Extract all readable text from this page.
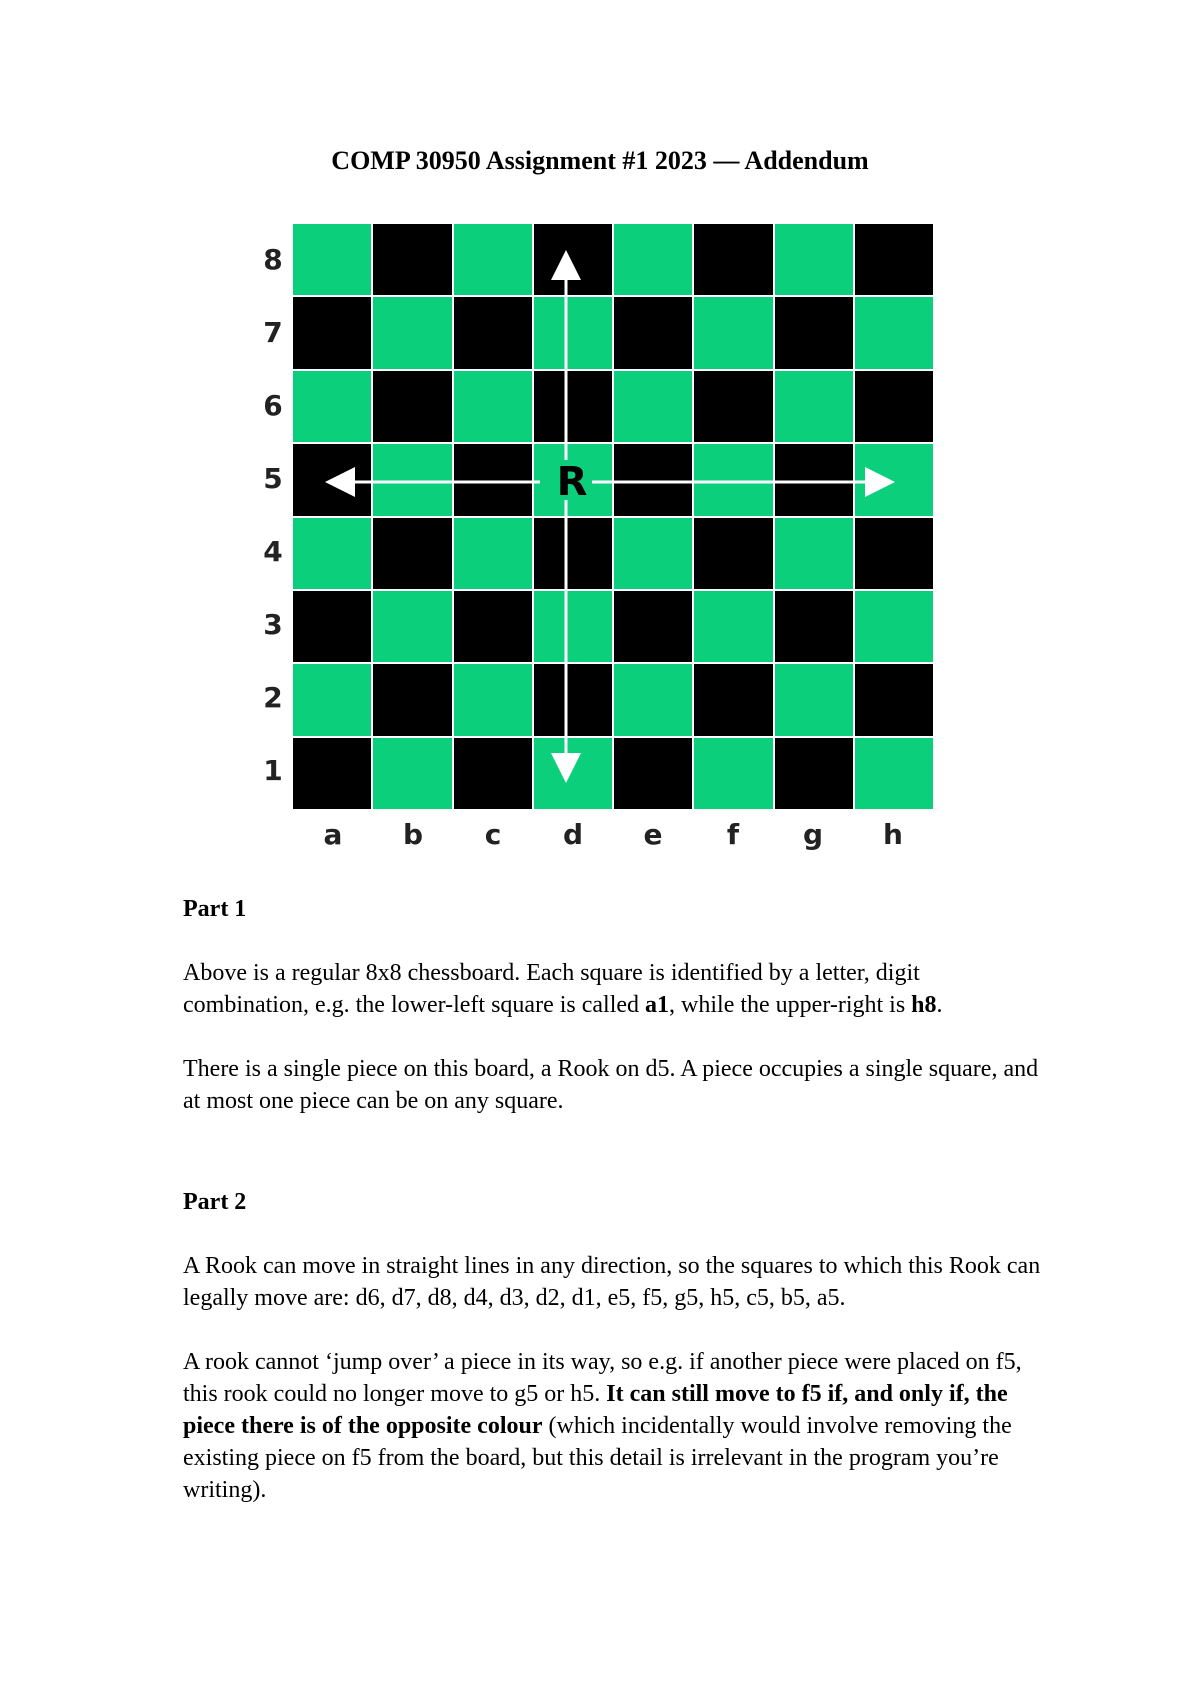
COMP 30950 Assignment #1 2023 — Addendum
8
7
6
5
4
3
2
1
a	b	c	d	e	f	g	h
R

Part 1

Above is a regular 8x8 chessboard. Each square is identified by a letter, digit combination, e.g. the lower-left square is called a1, while the upper-right is h8.

There is a single piece on this board, a Rook on d5. A piece occupies a single square, and at most one piece can be on any square.

Part 2

A Rook can move in straight lines in any direction, so the squares to which this Rook can legally move are: d6, d7, d8, d4, d3, d2, d1, e5, f5, g5, h5, c5, b5, a5.

A rook cannot ‘jump over’ a piece in its way, so e.g. if another piece were placed on f5, this rook could no longer move to g5 or h5. It can still move to f5 if, and only if, the piece there is of the opposite colour (which incidentally would involve removing the existing piece on f5 from the board, but this detail is irrelevant in the program you’re writing).
